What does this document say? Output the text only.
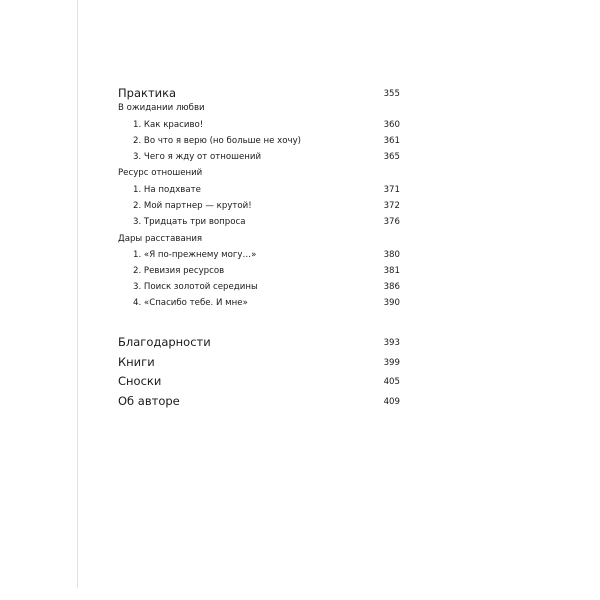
Практика	355
В ожидании любви
1. Как красиво!	360
2. Во что я верю (но больше не хочу)	361
3. Чего я жду от отношений	365
Ресурс отношений
1. На подхвате	371
2. Мой партнер — крутой!	372
3. Тридцать три вопроса	376
Дары расставания
1. «Я по-прежнему могу…»	380
2. Ревизия ресурсов	381
3. Поиск золотой середины	386
4. «Спасибо тебе. И мне»	390
Благодарности	393
Книги	399
Сноски	405
Об авторе	409
